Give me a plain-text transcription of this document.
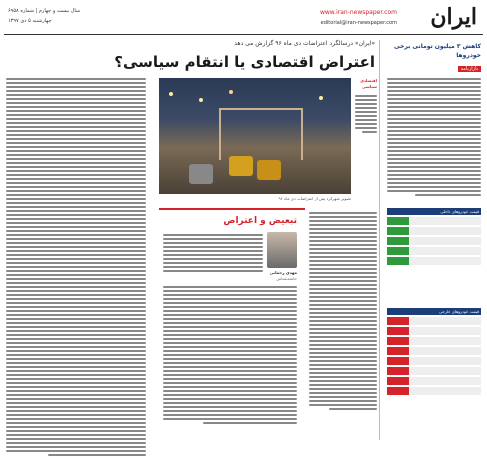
ایران
www.iran-newspaper.com
editorial@iran-newspaper.com
سال بیست و چهارم | شماره ۶۹۵۸
چهارشنبه ۵ دی ۱۳۹۷
کاهش ۳ میلیون تومانی برخی خودروها
بازارنامه
قیمت خودروهای داخلی
قیمت خودروهای خارجی
«ایران» درسالگرد اعتراضات دی ماه ۹۶ گزارش می دهد
اعتراض اقتصادی یا انتقام سیاسی؟
اقتصادی سیاسی
تصویر شهرکرد پس از اعتراضات دی ماه ۹۶
تبعیض و اعتراض
مهدی رحمانی
جامعه‌شناس
